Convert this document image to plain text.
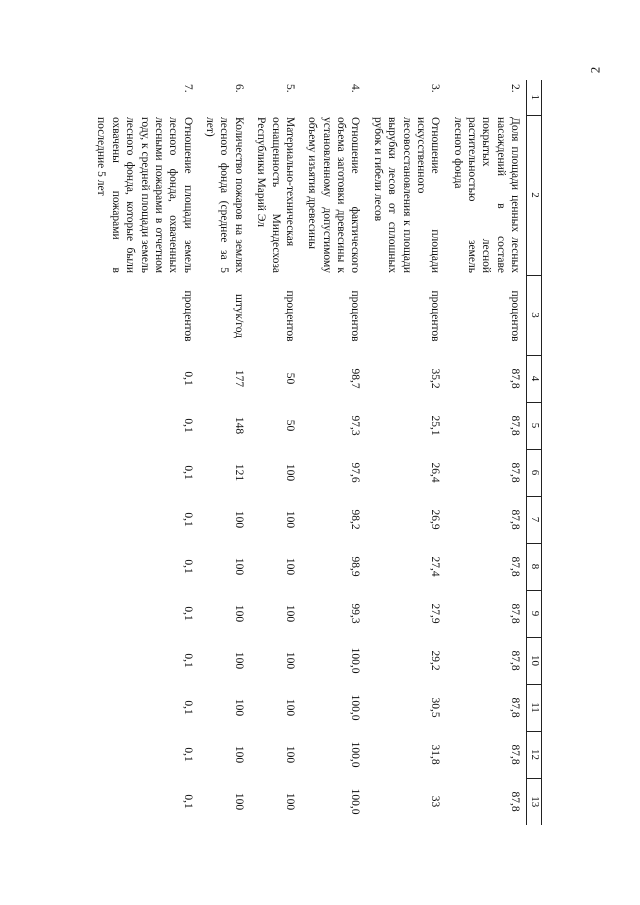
2
1	2	3	4	5	6	7	8	9	10	11	12	13
2.	Доля площади ценных лесных насаждений в составе покрытых лесной растительностью земель лесного фонда	процентов	87,8	87,8	87,8	87,8	87,8	87,8	87,8	87,8	87,8	87,8
3.	Отношение площади искусственного лесовосстановления к площади вырубки лесов от сплошных рубок и гибели лесов	процентов	35,2	25,1	26,4	26,9	27,4	27,9	29,2	30,5	31,8	33
4.	Отношение фактического объема заготовки древесины к установленному допустимому объему изъятия древесины	процентов	98,7	97,3	97,6	98,2	98,9	99,3	100,0	100,0	100,0	100,0
5.	Материально-техническая оснащенность Миндесхоза Республики Марий Эл	процентов	50	50	100	100	100	100	100	100	100	100
6.	Количество пожаров на землях лесного фонда (среднее за 5 лет)	штук/год	177	148	121	100	100	100	100	100	100	100
7.	Отношение площади земель лесного фонда, охваченных лесными пожарами в отчетном году, к средней площади земель лесного фонда, которые были охвачены пожарами в последние 5 лет	процентов	0,1	0,1	0,1	0,1	0,1	0,1	0,1	0,1	0,1	0,1
